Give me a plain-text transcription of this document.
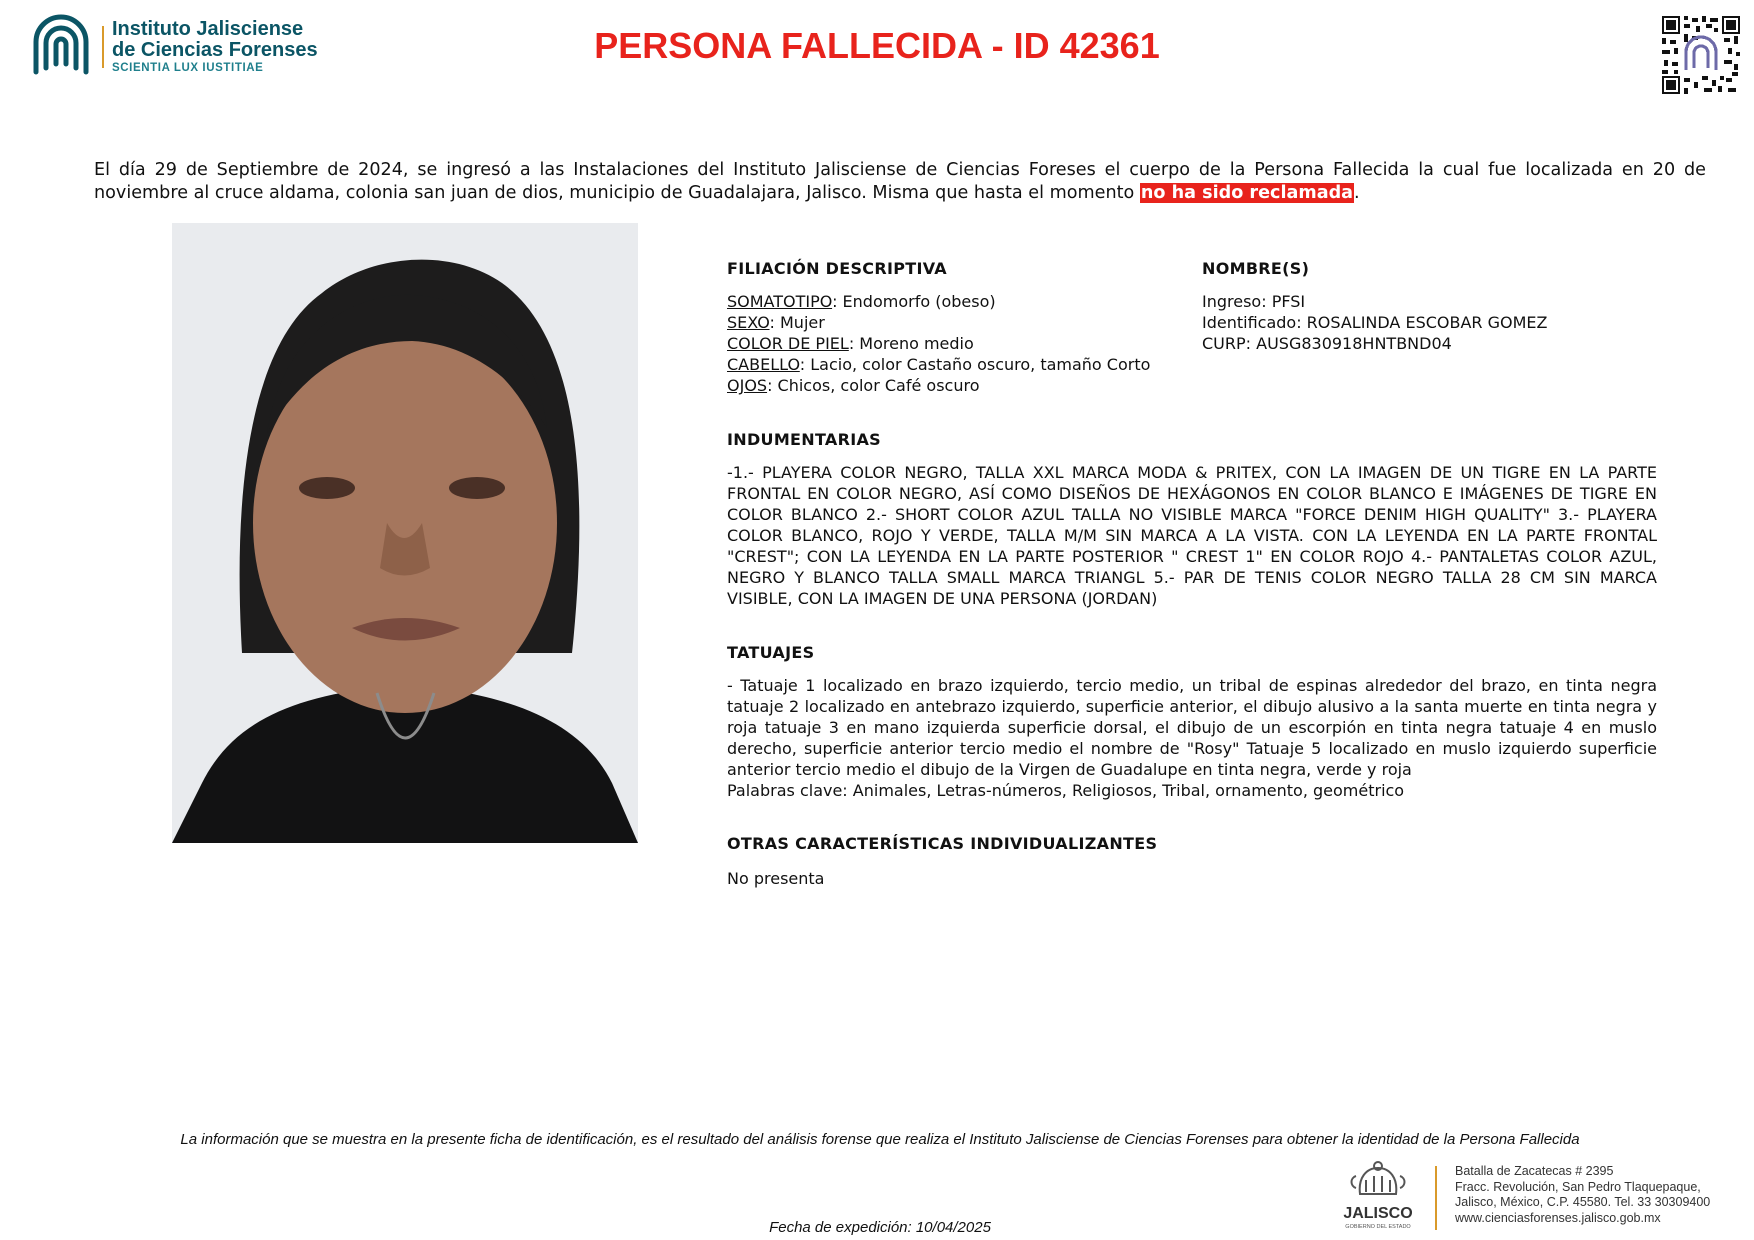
Instituto Jalisciense
de Ciencias Forenses
SCIENTIA LUX IUSTITIAE
PERSONA FALLECIDA - ID 42361
El día 29 de Septiembre de 2024, se ingresó a las Instalaciones del Instituto Jalisciense de Ciencias Foreses el cuerpo de la Persona Fallecida la cual fue localizada en 20 de noviembre al cruce aldama, colonia san juan de dios, municipio de Guadalajara, Jalisco. Misma que hasta el momento no ha sido reclamada.
FILIACIÓN DESCRIPTIVA
SOMATOTIPO: Endomorfo (obeso)
SEXO: Mujer
COLOR DE PIEL: Moreno medio
CABELLO: Lacio, color Castaño oscuro, tamaño Corto
OJOS: Chicos, color Café oscuro
NOMBRE(S)
Ingreso: PFSI
Identificado: ROSALINDA ESCOBAR GOMEZ
CURP: AUSG830918HNTBND04
INDUMENTARIAS
-1.- PLAYERA COLOR NEGRO, TALLA XXL MARCA MODA & PRITEX, CON LA IMAGEN DE UN TIGRE EN LA PARTE FRONTAL EN COLOR NEGRO, ASÍ COMO DISEÑOS DE HEXÁGONOS EN COLOR BLANCO E IMÁGENES DE TIGRE EN COLOR BLANCO 2.- SHORT COLOR AZUL TALLA NO VISIBLE MARCA "FORCE DENIM HIGH QUALITY" 3.- PLAYERA COLOR BLANCO, ROJO Y VERDE, TALLA M/M SIN MARCA A LA VISTA. CON LA LEYENDA EN LA PARTE FRONTAL "CREST"; CON LA LEYENDA EN LA PARTE POSTERIOR " CREST 1" EN COLOR ROJO 4.- PANTALETAS COLOR AZUL, NEGRO Y BLANCO TALLA SMALL MARCA TRIANGL 5.- PAR DE TENIS COLOR NEGRO TALLA 28 CM SIN MARCA VISIBLE, CON LA IMAGEN DE UNA PERSONA (JORDAN)
TATUAJES
- Tatuaje 1 localizado en brazo izquierdo, tercio medio, un tribal de espinas alrededor del brazo, en tinta negra tatuaje 2 localizado en antebrazo izquierdo, superficie anterior, el dibujo alusivo a la santa muerte en tinta negra y roja tatuaje 3 en mano izquierda superficie dorsal, el dibujo de un escorpión en tinta negra tatuaje 4 en muslo derecho, superficie anterior tercio medio el nombre de "Rosy" Tatuaje 5 localizado en muslo izquierdo superficie anterior tercio medio el dibujo de la Virgen de Guadalupe en tinta negra, verde y roja
Palabras clave: Animales, Letras-números, Religiosos, Tribal, ornamento, geométrico
OTRAS CARACTERÍSTICAS INDIVIDUALIZANTES
No presenta
La información que se muestra en la presente ficha de identificación, es el resultado del análisis forense que realiza el Instituto Jalisciense de Ciencias Forenses para obtener la identidad de la Persona Fallecida
JALISCO
GOBIERNO DEL ESTADO
Batalla de Zacatecas # 2395
Fracc. Revolución, San Pedro Tlaquepaque,
Jalisco, México, C.P. 45580. Tel. 33 30309400
www.cienciasforenses.jalisco.gob.mx
Fecha de expedición: 10/04/2025
